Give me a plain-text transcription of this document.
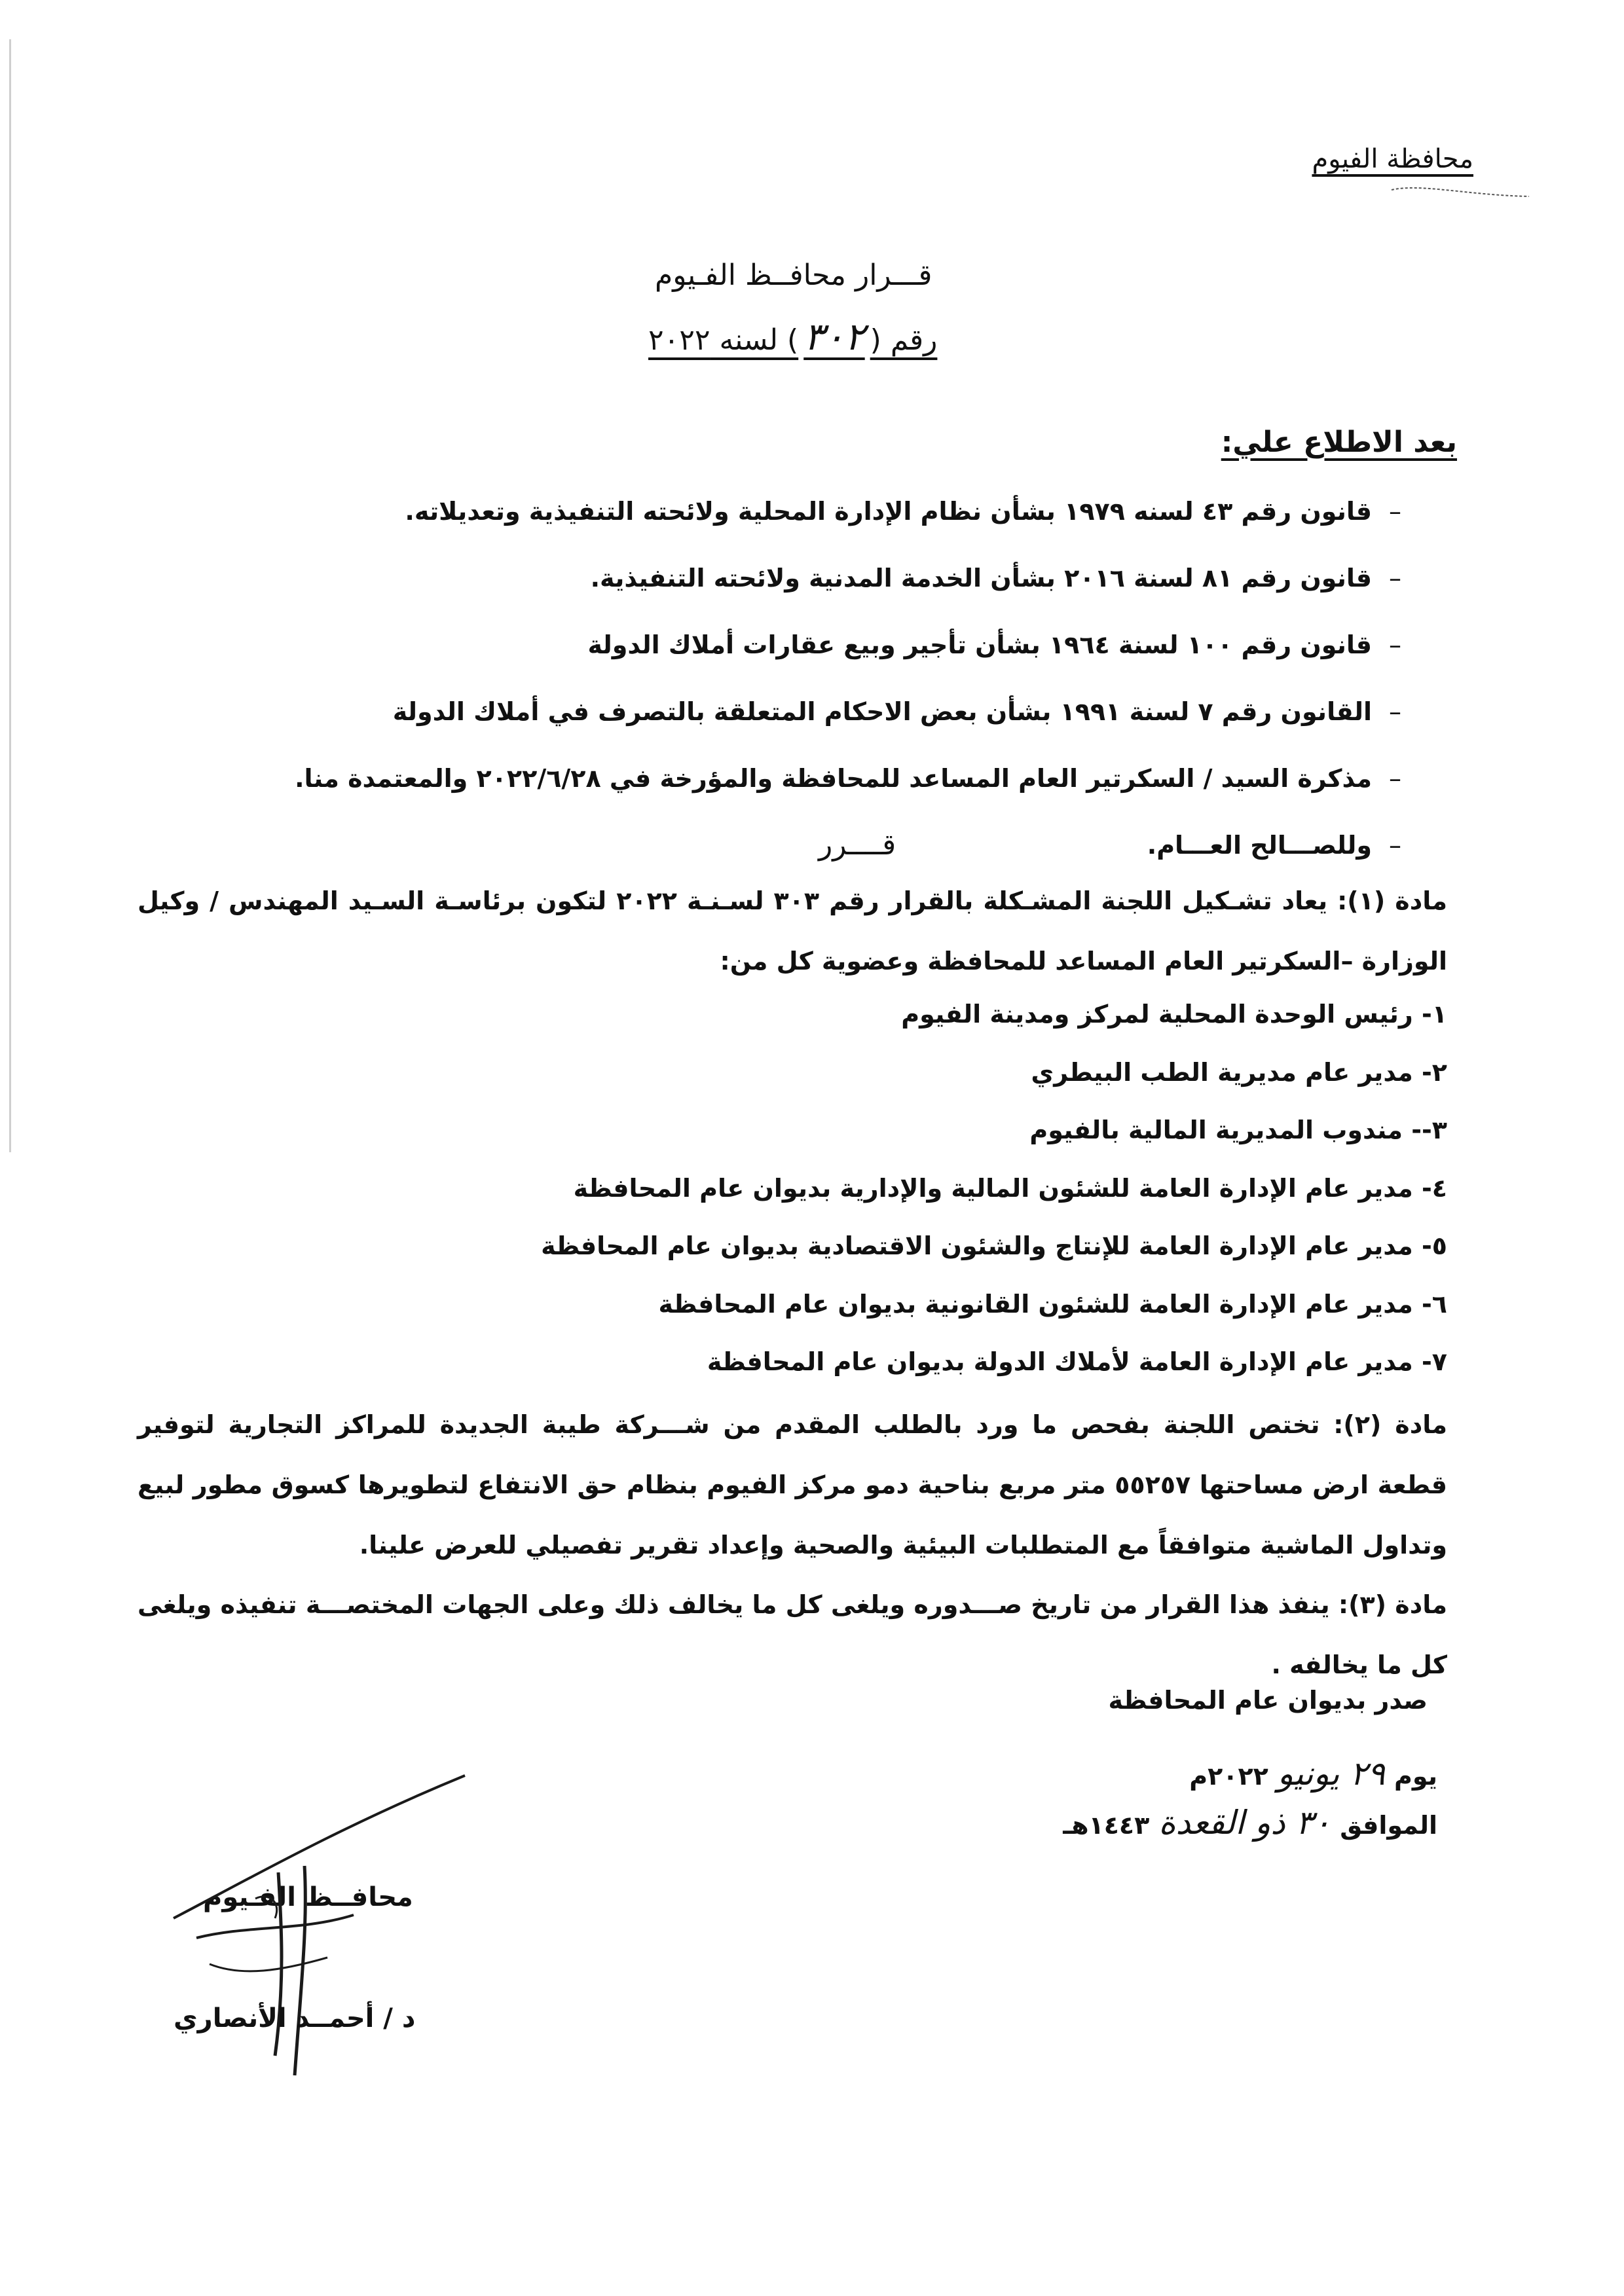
محافظة الفيوم
قـــرار محافــظ الفـيوم
رقم (٣٠٢) لسنه ٢٠٢٢
بعد الاطلاع علي:
–
قانون رقم ٤٣ لسنه ١٩٧٩ بشأن نظام الإدارة المحلية ولائحته التنفيذية وتعديلاته.
–
قانون رقم ٨١ لسنة ٢٠١٦ بشأن الخدمة المدنية ولائحته التنفيذية.
–
قانون رقم ١٠٠ لسنة ١٩٦٤ بشأن تأجير وبيع عقارات أملاك الدولة
–
القانون رقم ٧ لسنة ١٩٩١ بشأن بعض الاحكام المتعلقة بالتصرف في أملاك الدولة
–
مذكرة السيد / السكرتير العام المساعد للمحافظة والمؤرخة في ٢٠٢٢/٦/٢٨ والمعتمدة منا.
–
وللصـــالح العـــام.
قــــرر
مادة (١): يعاد تشـكيل اللجنة المشـكلة بالقرار رقم ٣٠٣ لسـنـة ٢٠٢٢ لتكون برئاسـة السـيد المهندس / وكيل الوزارة –السكرتير العام المساعد للمحافظة وعضوية كل من:
١- رئيس الوحدة المحلية لمركز ومدينة الفيوم
٢- مدير عام مديرية الطب البيطري
٣-- مندوب المديرية المالية بالفيوم
٤- مدير عام الإدارة العامة للشئون المالية والإدارية بديوان عام المحافظة
٥- مدير عام الإدارة العامة للإنتاج والشئون الاقتصادية بديوان عام المحافظة
٦- مدير عام الإدارة العامة للشئون القانونية بديوان عام المحافظة
٧- مدير عام الإدارة العامة لأملاك الدولة بديوان عام المحافظة
مادة (٢): تختص اللجنة بفحص ما ورد بالطلب المقدم من شـــركة طيبة الجديدة للمراكز التجارية لتوفير قطعة ارض مساحتها ٥٥٢٥٧ متر مربع بناحية دمو مركز الفيوم بنظام حق الانتفاع لتطويرها كسوق مطور لبيع وتداول الماشية متوافقاً مع المتطلبات البيئية والصحية وإعداد تقرير تفصيلي للعرض علينا.
مادة (٣): ينفذ هذا القرار من تاريخ صـــدوره ويلغى كل ما يخالف ذلك وعلى الجهات المختصـــة تنفيذه ويلغى كل ما يخالفه .
صدر بديوان عام المحافظة
يوم٢٩ يونيو٢٠٢٢م
الموافق٣٠ ذو القعدة١٤٤٣هـ
محافــظ الفـيوم
د / أحمــد الأنصاري
